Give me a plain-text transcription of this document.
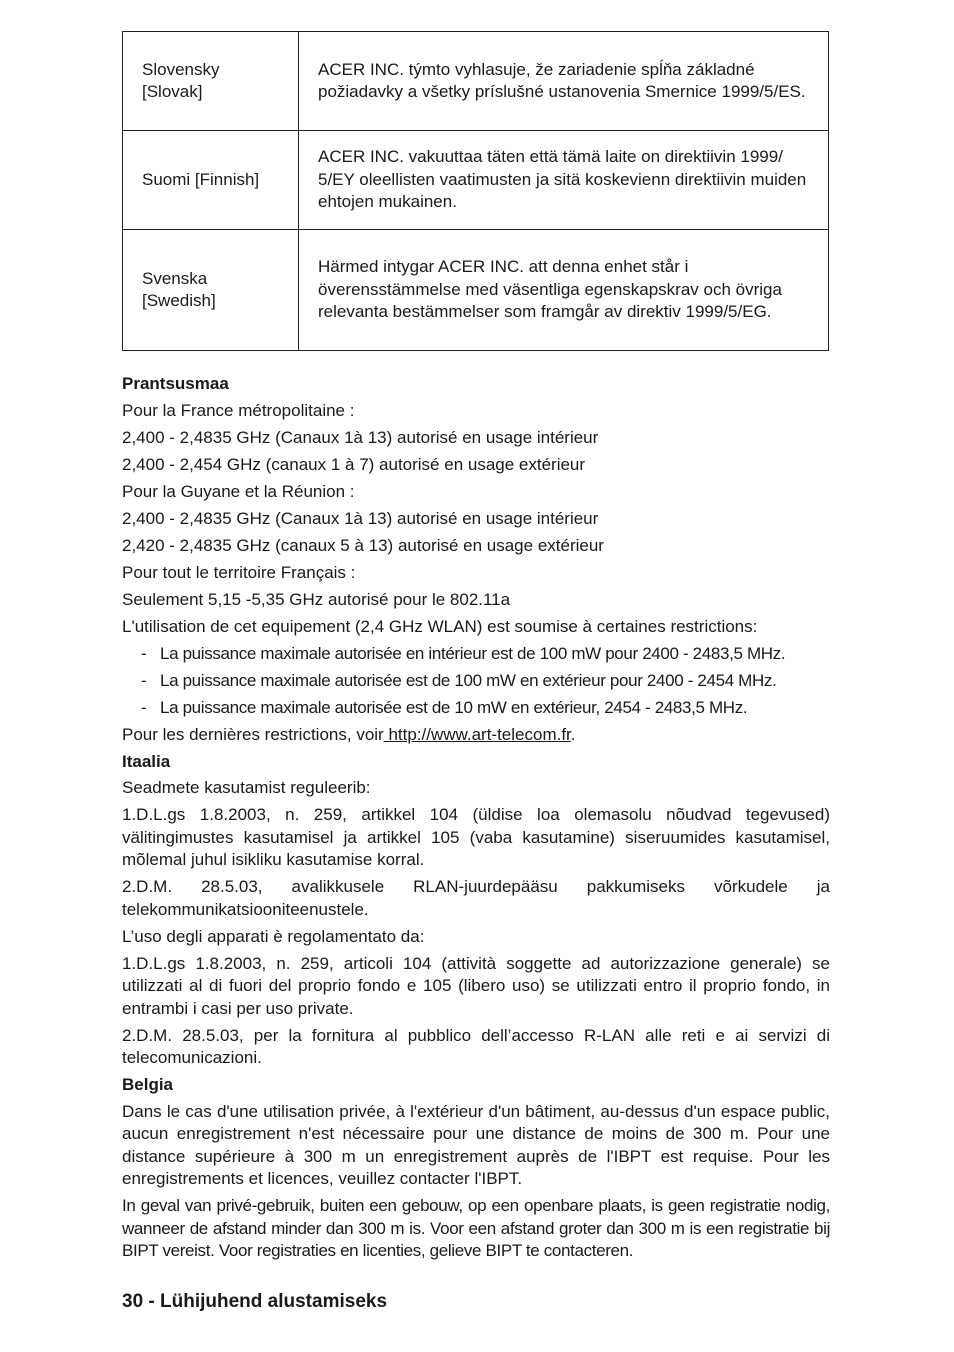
Slovensky [Slovak]	ACER INC. týmto vyhlasuje, že zariadenie spĺňa základné požiadavky a všetky príslušné ustanovenia Smernice 1999/5/ES.
Suomi [Finnish]	ACER INC. vakuuttaa täten että tämä laite on direktiivin 1999/ 5/EY oleellisten vaatimusten ja sitä koskevienn direktiivin muiden ehtojen mukainen.
Svenska [Swedish]	Härmed intygar ACER INC. att denna enhet står i överensstämmelse med väsentliga egenskapskrav och övriga relevanta bestämmelser som framgår av direktiv 1999/5/EG.
Prantsusmaa
Pour la France métropolitaine :
2,400 - 2,4835 GHz (Canaux 1à 13) autorisé en usage intérieur
2,400 - 2,454 GHz (canaux 1 à 7) autorisé en usage extérieur
Pour la Guyane et la Réunion :
2,400 - 2,4835 GHz (Canaux 1à 13) autorisé en usage intérieur
2,420 - 2,4835 GHz (canaux 5 à 13) autorisé en usage extérieur
Pour tout le territoire Français :
Seulement 5,15 -5,35 GHz autorisé pour le 802.11a
L'utilisation de cet equipement (2,4 GHz WLAN) est soumise à certaines restrictions:
- La puissance maximale autorisée en intérieur est de 100 mW pour 2400 - 2483,5 MHz.
- La puissance maximale autorisée est de 100 mW en extérieur pour 2400 - 2454 MHz.
- La puissance maximale autorisée est de 10 mW en extérieur, 2454 - 2483,5 MHz.
Pour les dernières restrictions, voir http://www.art-telecom.fr.
Itaalia
Seadmete kasutamist reguleerib:
1.D.L.gs 1.8.2003, n. 259, artikkel 104 (üldise loa olemasolu nõudvad tegevused) välitingimustes kasutamisel ja artikkel 105 (vaba kasutamine) siseruumides kasutamisel, mõlemal juhul isikliku kasutamise korral.
2.D.M. 28.5.03, avalikkusele RLAN-juurdepääsu pakkumiseks võrkudele ja telekommunikatsiooniteenustele.
L’uso degli apparati è regolamentato da:
1.D.L.gs 1.8.2003, n. 259, articoli 104 (attività soggette ad autorizzazione generale) se utilizzati al di fuori del proprio fondo e 105 (libero uso) se utilizzati entro il proprio fondo, in entrambi i casi per uso private.
2.D.M. 28.5.03, per la fornitura al pubblico dell’accesso R-LAN alle reti e ai servizi di telecomunicazioni.
Belgia
Dans le cas d'une utilisation privée, à l'extérieur d'un bâtiment, au-dessus d'un espace public, aucun enregistrement n'est nécessaire pour une distance de moins de 300 m. Pour une distance supérieure à 300 m un enregistrement auprès de l'IBPT est requise. Pour les enregistrements et licences, veuillez contacter l'IBPT.
In geval van privé-gebruik, buiten een gebouw, op een openbare plaats, is geen registratie nodig, wanneer de afstand minder dan 300 m is. Voor een afstand groter dan 300 m is een registratie bij BIPT vereist. Voor registraties en licenties, gelieve BIPT te contacteren.
30 - Lühijuhend alustamiseks
